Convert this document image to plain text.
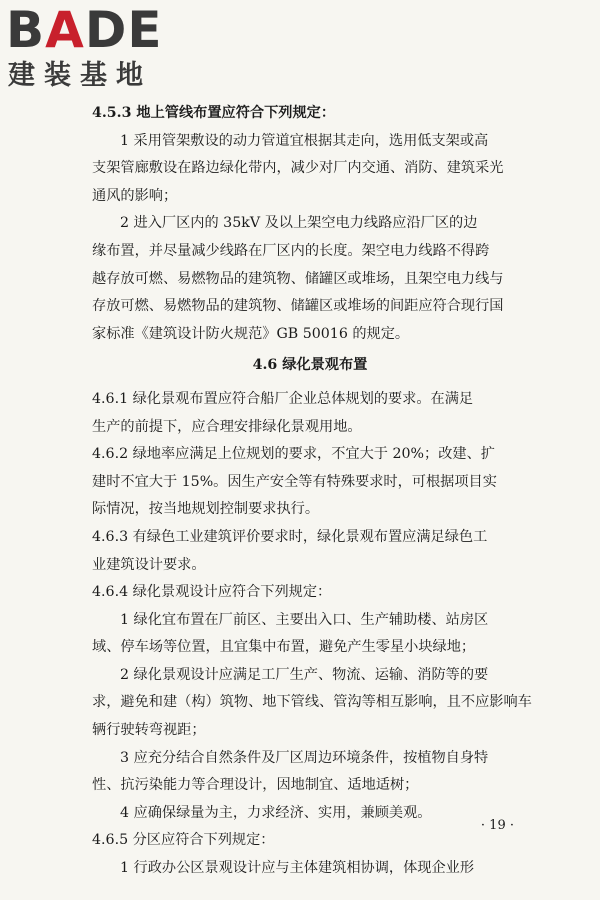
BADE
建装基地
4.5.3 地上管线布置应符合下列规定：
1 采用管架敷设的动力管道宜根据其走向，选用低支架或高
支架管廊敷设在路边绿化带内，减少对厂内交通、消防、建筑采光
通风的影响；
2 进入厂区内的 35kV 及以上架空电力线路应沿厂区的边
缘布置，并尽量减少线路在厂区内的长度。架空电力线路不得跨
越存放可燃、易燃物品的建筑物、储罐区或堆场，且架空电力线与
存放可燃、易燃物品的建筑物、储罐区或堆场的间距应符合现行国
家标准《建筑设计防火规范》GB 50016 的规定。
4.6 绿化景观布置
4.6.1 绿化景观布置应符合船厂企业总体规划的要求。在满足
生产的前提下，应合理安排绿化景观用地。
4.6.2 绿地率应满足上位规划的要求，不宜大于 20%；改建、扩
建时不宜大于 15%。因生产安全等有特殊要求时，可根据项目实
际情况，按当地规划控制要求执行。
4.6.3 有绿色工业建筑评价要求时，绿化景观布置应满足绿色工
业建筑设计要求。
4.6.4 绿化景观设计应符合下列规定：
1 绿化宜布置在厂前区、主要出入口、生产辅助楼、站房区
域、停车场等位置，且宜集中布置，避免产生零星小块绿地；
2 绿化景观设计应满足工厂生产、物流、运输、消防等的要
求，避免和建（构）筑物、地下管线、管沟等相互影响，且不应影响车
辆行驶转弯视距；
3 应充分结合自然条件及厂区周边环境条件，按植物自身特
性、抗污染能力等合理设计，因地制宜、适地适树；
4 应确保绿量为主，力求经济、实用，兼顾美观。
4.6.5 分区应符合下列规定：
1 行政办公区景观设计应与主体建筑相协调，体现企业形
· 19 ·
